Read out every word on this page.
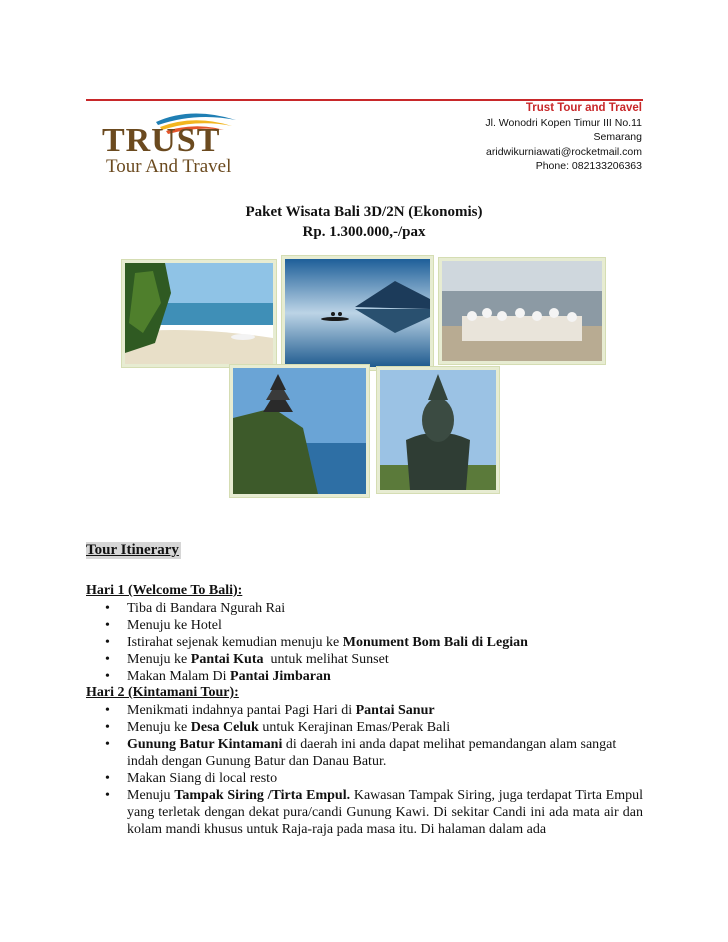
TRUST
Tour And Travel
Trust Tour and Travel
Jl. Wonodri Kopen Timur III No.11
Semarang
aridwikurniawati@rocketmail.com
Phone: 082133206363
Paket Wisata Bali 3D/2N (Ekonomis)
Rp. 1.300.000,-/pax
Tour Itinerary
Hari 1 (Welcome To Bali):
• Tiba di Bandara Ngurah Rai
• Menuju ke Hotel
• Istirahat sejenak kemudian menuju ke Monument Bom Bali di Legian
• Menuju ke Pantai Kuta  untuk melihat Sunset
• Makan Malam Di Pantai Jimbaran
Hari 2 (Kintamani Tour):
• Menikmati indahnya pantai Pagi Hari di Pantai Sanur
• Menuju ke Desa Celuk untuk Kerajinan Emas/Perak Bali
• Gunung Batur Kintamani di daerah ini anda dapat melihat pemandangan alam sangat indah dengan Gunung Batur dan Danau Batur.
• Makan Siang di local resto
• Menuju Tampak Siring /Tirta Empul. Kawasan Tampak Siring, juga terdapat Tirta Empul yang terletak dengan dekat pura/candi Gunung Kawi. Di sekitar Candi ini ada mata air dan kolam mandi khusus untuk Raja-raja pada masa itu. Di halaman dalam ada
